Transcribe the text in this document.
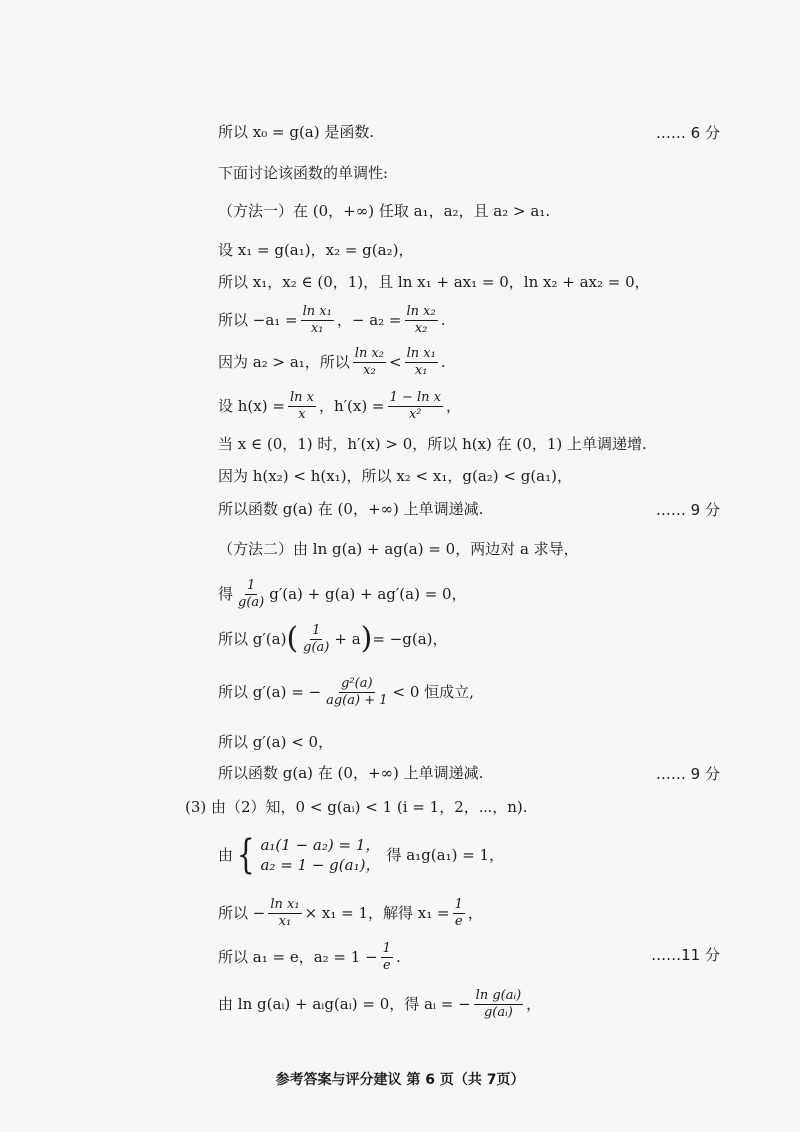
所以 x₀ = g(a) 是函数.	…… 6 分
下面讨论该函数的单调性:
（方法一）在 (0，+∞) 任取 a₁，a₂，且 a₂ > a₁.
设 x₁ = g(a₁)，x₂ = g(a₂)，
所以 x₁，x₂ ∈ (0，1)，且 ln x₁ + ax₁ = 0，ln x₂ + ax₂ = 0，
所以 $-a_1 = \frac{\text{ln x₁}}{\text{x₁}}$ ，− $a_2 = \frac{\text{ln x₂}}{\text{x₂}}$ .
因为 a₂ > a₁，所以 $\frac{\text{ln x₂}}{\text{x₂}} < \frac{\text{ln x₁}}{\text{x₁}}$ .
设 $h(x) = \frac{\text{ln x}}{x}$ ，$h'(x) = \frac{\text{1 − ln x}}{\text{x²}}$ ，
当 x ∈ (0，1) 时，h′(x) > 0，所以 h(x) 在 (0，1) 上单调递增.
因为 h(x₂) < h(x₁)，所以 x₂ < x₁，g(a₂) < g(a₁)，
所以函数 g(a) 在 (0，+∞) 上单调递减.	…… 9 分
（方法二）由 ln g(a) + ag(a) = 0，两边对 a 求导，
得 $\frac{1}{g(a)} g'(a) + g(a) + ag'(a) = 0$，
所以 g′(a) ( $\frac{1}{g(a)} + a$ ) = −g(a)，
所以 g′(a) = − $\frac{\text{g²(a)}}{ag(a) + 1} < 0$ 恒成立,
所以 g′(a) < 0，
所以函数 g(a) 在 (0，+∞) 上单调递减.	…… 9 分
(3) 由（2）知，0 < g(aᵢ) < 1 (i = 1，2，⋯，n).
由 { a₁(1 − a₂) = 1，
a₂ = 1 − g(a₁)，
得 a₁g(a₁) = 1，
所以 − $\frac{\text{ln x₁}}{\text{x₁}} \times x_1 = 1$，解得 $x_1 = \frac{1}{e}$ ，
所以 a₁ = e，$a_2 = 1 - \frac{1}{e}$ .	……11 分
由 ln g(aᵢ) + aᵢg(aᵢ) = 0，得 aᵢ = − $\frac{\text{ln g(aᵢ)}}{\text{g(aᵢ)}}$ ，
参考答案与评分建议 第 6 页（共 7页）
